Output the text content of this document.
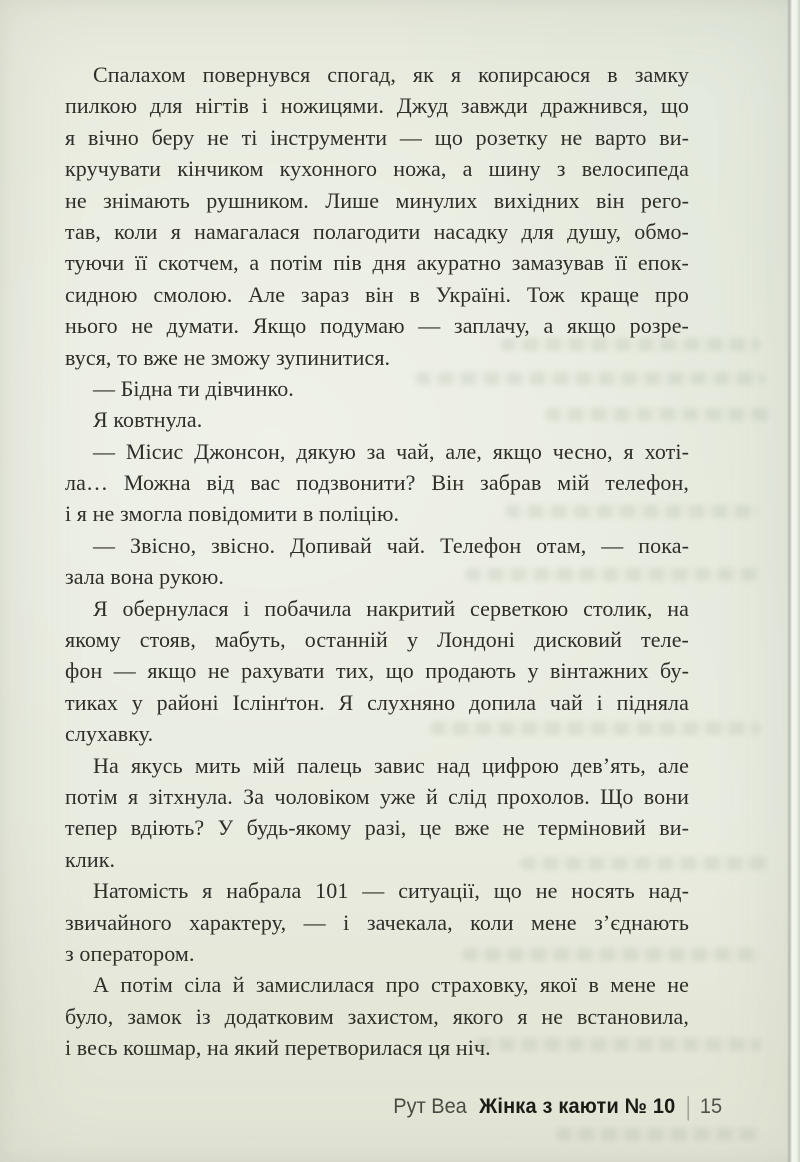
Спалахом повернувся спогад, як я копирсаюся в замку
пилкою для нігтів і ножицями. Джуд завжди дражнився, що
я вічно беру не ті інструменти — що розетку не варто ви-
кручувати кінчиком кухонного ножа, а шину з велосипеда
не знімають рушником. Лише минулих вихідних він рего-
тав, коли я намагалася полагодити насадку для душу, обмо-
туючи її скотчем, а потім пів дня акуратно замазував її епок-
сидною смолою. Але зараз він в Україні. Тож краще про
нього не думати. Якщо подумаю — заплачу, а якщо розре-
вуся, то вже не зможу зупинитися.
— Бідна ти дівчинко.
Я ковтнула.
— Місис Джонсон, дякую за чай, але, якщо чесно, я хоті-
ла… Можна від вас подзвонити? Він забрав мій телефон,
і я не змогла повідомити в поліцію.
— Звісно, звісно. Допивай чай. Телефон отам, — пока-
зала вона рукою.
Я обернулася і побачила накритий серветкою столик, на
якому стояв, мабуть, останній у Лондоні дисковий теле-
фон — якщо не рахувати тих, що продають у вінтажних бу-
тиках у районі Іслінґтон. Я слухняно допила чай і підняла
слухавку.
На якусь мить мій палець завис над цифрою дев’ять, але
потім я зітхнула. За чоловіком уже й слід прохолов. Що вони
тепер вдіють? У будь-якому разі, це вже не терміновий ви-
клик.
Натомість я набрала 101 — ситуації, що не носять над-
звичайного характеру, — і зачекала, коли мене з’єднають
з оператором.
А потім сіла й замислилася про страховку, якої в мене не
було, замок із додатковим захистом, якого я не встановила,
і весь кошмар, на який перетворилася ця ніч.
Рут Веа Жінка з каюти № 10 | 15
